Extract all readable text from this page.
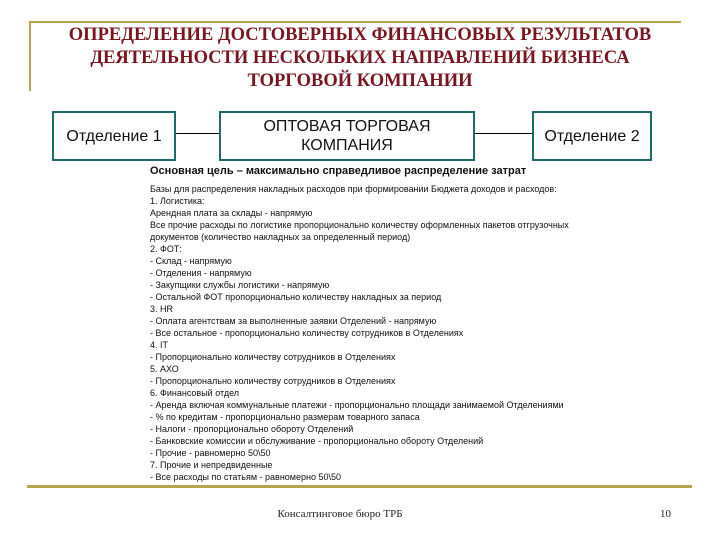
ОПРЕДЕЛЕНИЕ ДОСТОВЕРНЫХ ФИНАНСОВЫХ РЕЗУЛЬТАТОВ ДЕЯТЕЛЬНОСТИ НЕСКОЛЬКИХ НАПРАВЛЕНИЙ БИЗНЕСА ТОРГОВОЙ КОМПАНИИ
Отделение 1
ОПТОВАЯ ТОРГОВАЯ КОМПАНИЯ
Отделение 2
Основная цель – максимально справедливое распределение затрат
Базы для распределения накладных расходов при формировании Бюджета доходов и расходов:
1. Логистика:
Арендная плата за склады - напрямую
Все прочие расходы по логистике пропорционально количеству оформленных пакетов отгрузочных
документов (количество накладных за определенный период)
2. ФОТ:
- Склад - напрямую
- Отделения - напрямую
- Закупщики службы логистики - напрямую
- Остальной ФОТ пропорционально количеству накладных за период
3. HR
- Оплата агентствам за выполненные заявки Отделений - напрямую
- Все остальное - пропорционально количеству сотрудников в Отделениях
4. IT
- Пропорционально количеству сотрудников в Отделениях
5. АХО
- Пропорционально количеству сотрудников в Отделениях
6. Финансовый отдел
- Аренда включая коммунальные платежи - пропорционально площади занимаемой Отделениями
- % по кредитам - пропорционально размерам товарного запаса
- Налоги - пропорционально обороту Отделений
- Банковские комиссии и обслуживание - пропорционально обороту Отделений
- Прочие - равномерно 50\50
7. Прочие и непредвиденные
- Все расходы по статьям - равномерно 50\50
Консалтинговое бюро ТРБ	10
